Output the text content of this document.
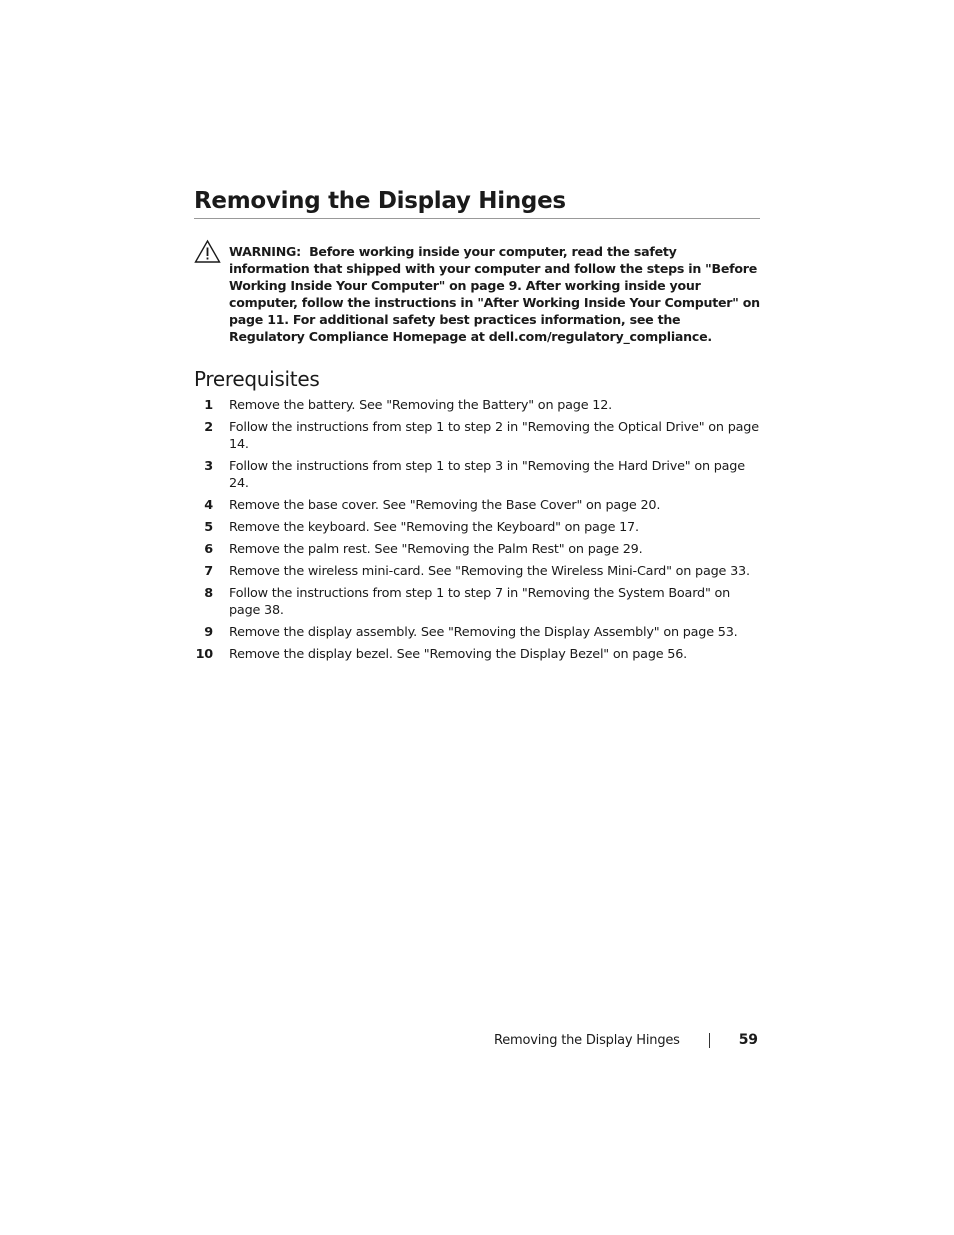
Removing the Display Hinges
WARNING: Before working inside your computer, read the safety information that shipped with your computer and follow the steps in "Before Working Inside Your Computer" on page 9. After working inside your computer, follow the instructions in "After Working Inside Your Computer" on page 11. For additional safety best practices information, see the Regulatory Compliance Homepage at dell.com/regulatory_compliance.
Prerequisites
1	Remove the battery. See "Removing the Battery" on page 12.
2	Follow the instructions from step 1 to step 2 in "Removing the Optical Drive" on page 14.
3	Follow the instructions from step 1 to step 3 in "Removing the Hard Drive" on page 24.
4	Remove the base cover. See "Removing the Base Cover" on page 20.
5	Remove the keyboard. See "Removing the Keyboard" on page 17.
6	Remove the palm rest. See "Removing the Palm Rest" on page 29.
7	Remove the wireless mini-card. See "Removing the Wireless Mini-Card" on page 33.
8	Follow the instructions from step 1 to step 7 in "Removing the System Board" on page 38.
9	Remove the display assembly. See "Removing the Display Assembly" on page 53.
10	Remove the display bezel. See "Removing the Display Bezel" on page 56.
Removing the Display Hinges	59
